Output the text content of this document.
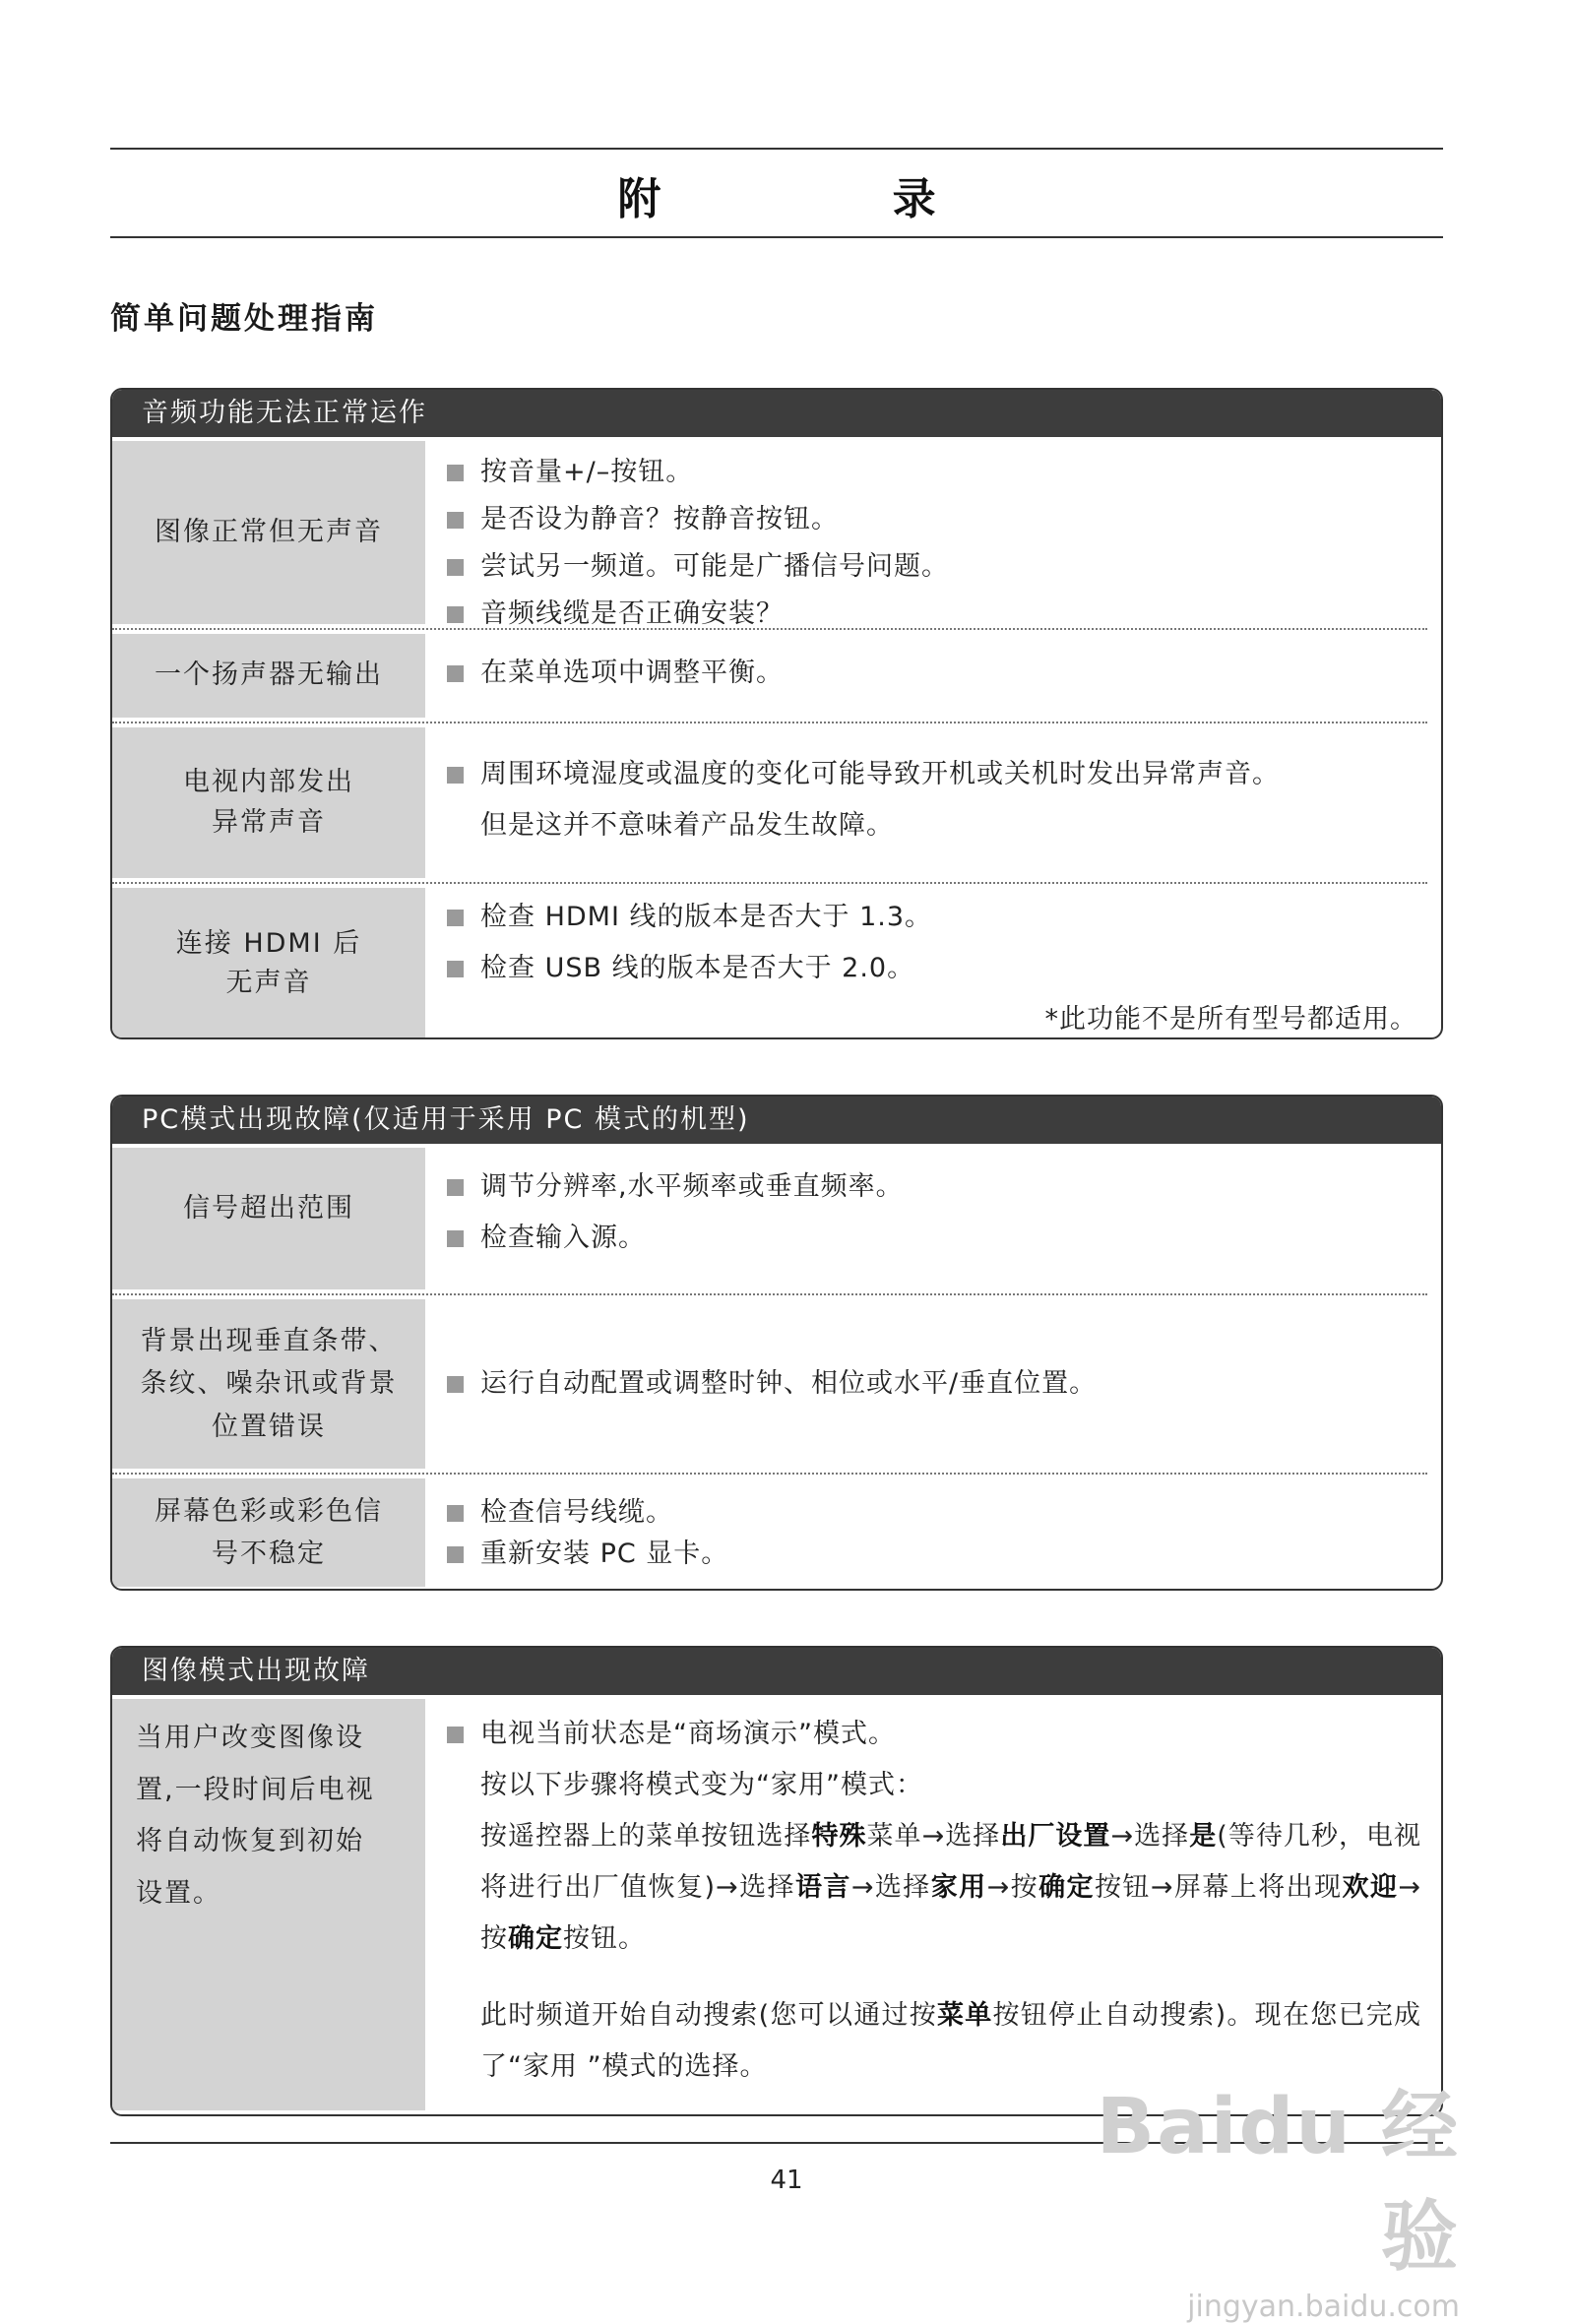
附 录
简单问题处理指南
音频功能无法正常运作
图像正常但无声音
按音量+/–按钮。
是否设为静音？按静音按钮。
尝试另一频道。可能是广播信号问题。
音频线缆是否正确安装？
一个扬声器无输出	在菜单选项中调整平衡。
电视内部发出
异常声音
周围环境湿度或温度的变化可能导致开机或关机时发出异常声音。
但是这并不意味着产品发生故障。
连接 HDMI 后
无声音
检查 HDMI 线的版本是否大于 1.3。
检查 USB 线的版本是否大于 2.0。
*此功能不是所有型号都适用。
PC模式出现故障(仅适用于采用 PC 模式的机型)
信号超出范围
调节分辨率,水平频率或垂直频率。
检查输入源。
背景出现垂直条带、
条纹、噪杂讯或背景
位置错误
运行自动配置或调整时钟、相位或水平/垂直位置。
屏幕色彩或彩色信
号不稳定
检查信号线缆。
重新安装 PC 显卡。
图像模式出现故障
当用户改变图像设
置,一段时间后电视
将自动恢复到初始
设置。
电视当前状态是“商场演示”模式。
按以下步骤将模式变为“家用”模式：
按遥控器上的菜单按钮选择特殊菜单→选择出厂设置→选择是(等待几秒，电视将进行出厂值恢复)→选择语言→选择家用→按确定按钮→屏幕上将出现欢迎→按确定按钮。
此时频道开始自动搜索(您可以通过按菜单按钮停止自动搜索)。现在您已完成了“家用 ”模式的选择。
41
Baidu 经验
jingyan.baidu.com
